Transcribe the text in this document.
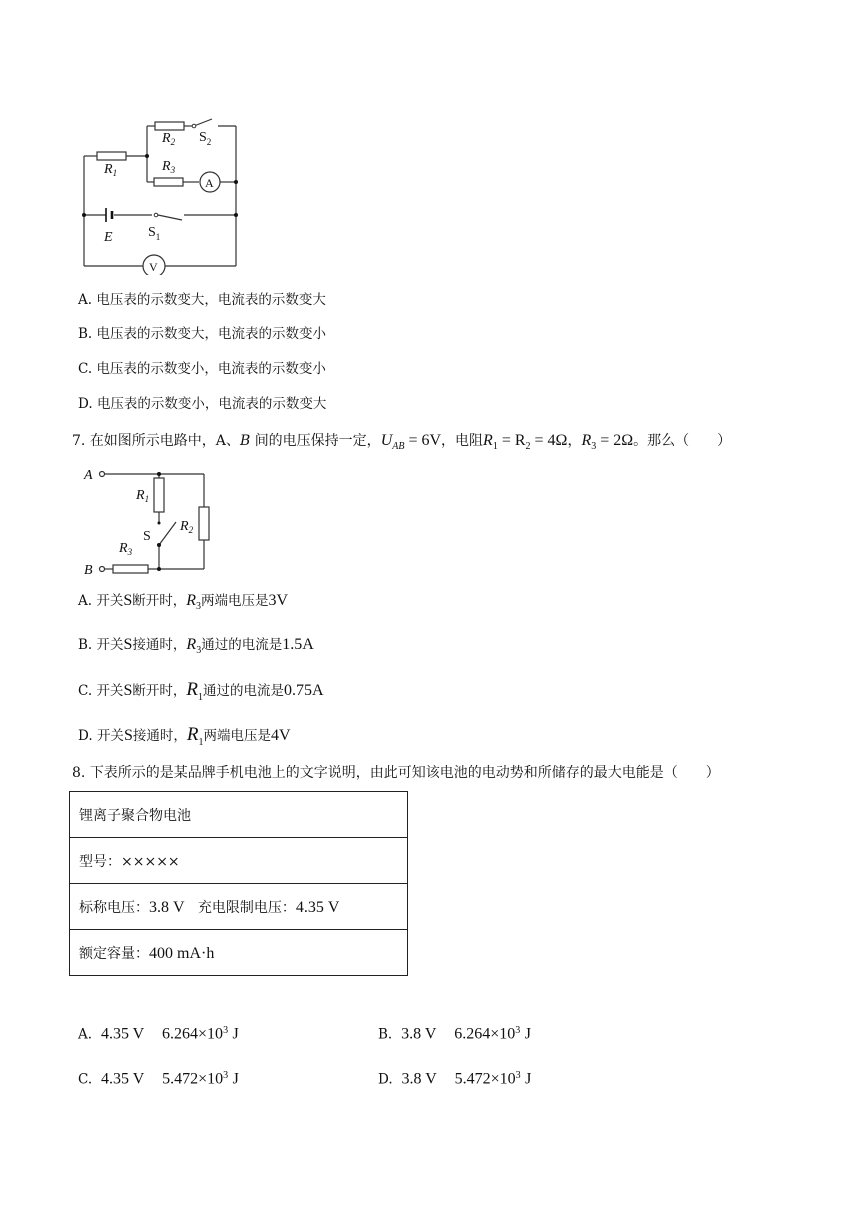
$R_1$
$R_2$ $S_2$
$R_3$
A
E	$S_1$
V
A. 电压表的示数变大，电流表的示数变大
B. 电压表的示数变大，电流表的示数变小
C. 电压表的示数变小，电流表的示数变小
D. 电压表的示数变小，电流表的示数变大
7. 在如图所示电路中，A、B 间的电压保持一定，$U_{AB} = 6V$，电阻$R_1 = R_2 = 4\Omega$，$R_3 = 2\Omega$。那么（　　）
A
B
$R_1$
$R_2$
$R_3$
S
A. 开关S断开时，$R_3$两端电压是3V
B. 开关S接通时，$R_3$通过的电流是1.5A
C. 开关S断开时，$R_1$通过的电流是0.75A
D. 开关S接通时，$R_1$两端电压是4V
8. 下表所示的是某品牌手机电池上的文字说明，由此可知该电池的电动势和所储存的最大电能是（　　）
锂离子聚合物电池
型号：×××××
标称电压：3.8 V 充电限制电压：4.35 V
额定容量：400 mA·h
A. 4.35 V $6.264\times 10^3$ J	B. 3.8 V $6.264\times 10^3$ J
C. 4.35 V $5.472\times 10^3$ J	D. 3.8 V $5.472\times 10^3$ J
